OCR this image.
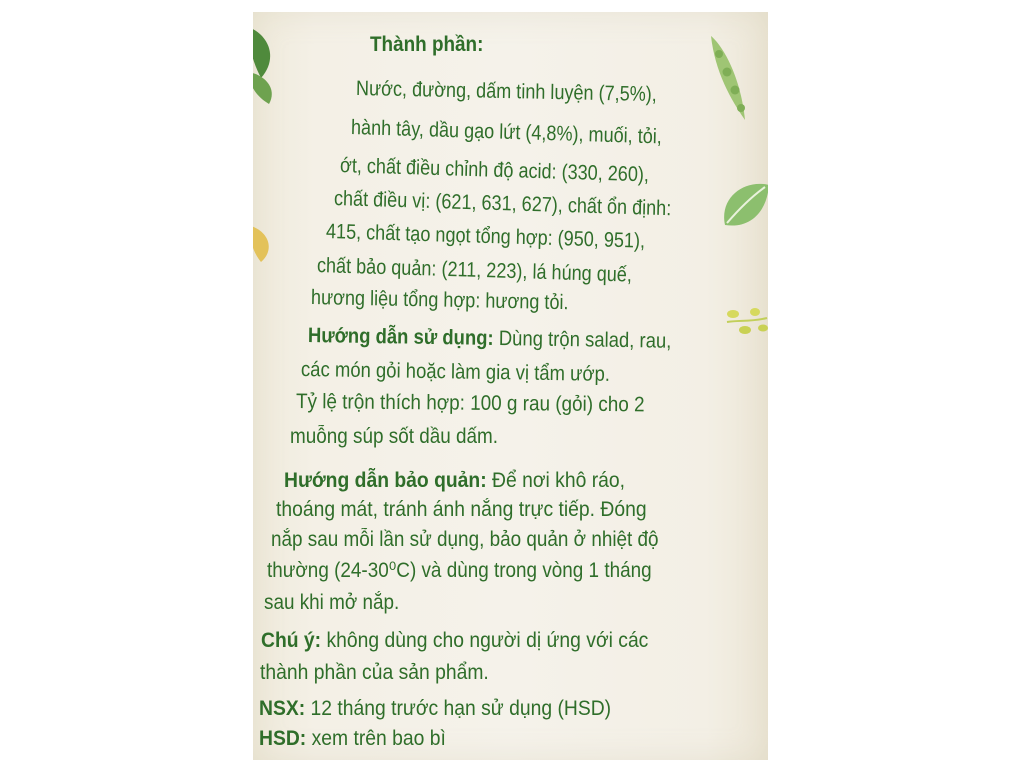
Thành phần:
Nước, đường, dấm tinh luyện (7,5%),
hành tây, dầu gạo lứt (4,8%), muối, tỏi,
ớt, chất điều chỉnh độ acid: (330, 260),
chất điều vị: (621, 631, 627), chất ổn định:
415, chất tạo ngọt tổng hợp: (950, 951),
chất bảo quản: (211, 223), lá húng quế,
hương liệu tổng hợp: hương tỏi.
Hướng dẫn sử dụng: Dùng trộn salad, rau,
các món gỏi hoặc làm gia vị tẩm ướp.
Tỷ lệ trộn thích hợp: 100 g rau (gỏi) cho 2
muỗng súp sốt dầu dấm.
Hướng dẫn bảo quản: Để nơi khô ráo,
thoáng mát, tránh ánh nắng trực tiếp. Đóng
nắp sau mỗi lần sử dụng, bảo quản ở nhiệt độ
thường (24-30⁰C) và dùng trong vòng 1 tháng
sau khi mở nắp.
Chú ý: không dùng cho người dị ứng với các
thành phần của sản phẩm.
NSX: 12 tháng trước hạn sử dụng (HSD)
HSD: xem trên bao bì
